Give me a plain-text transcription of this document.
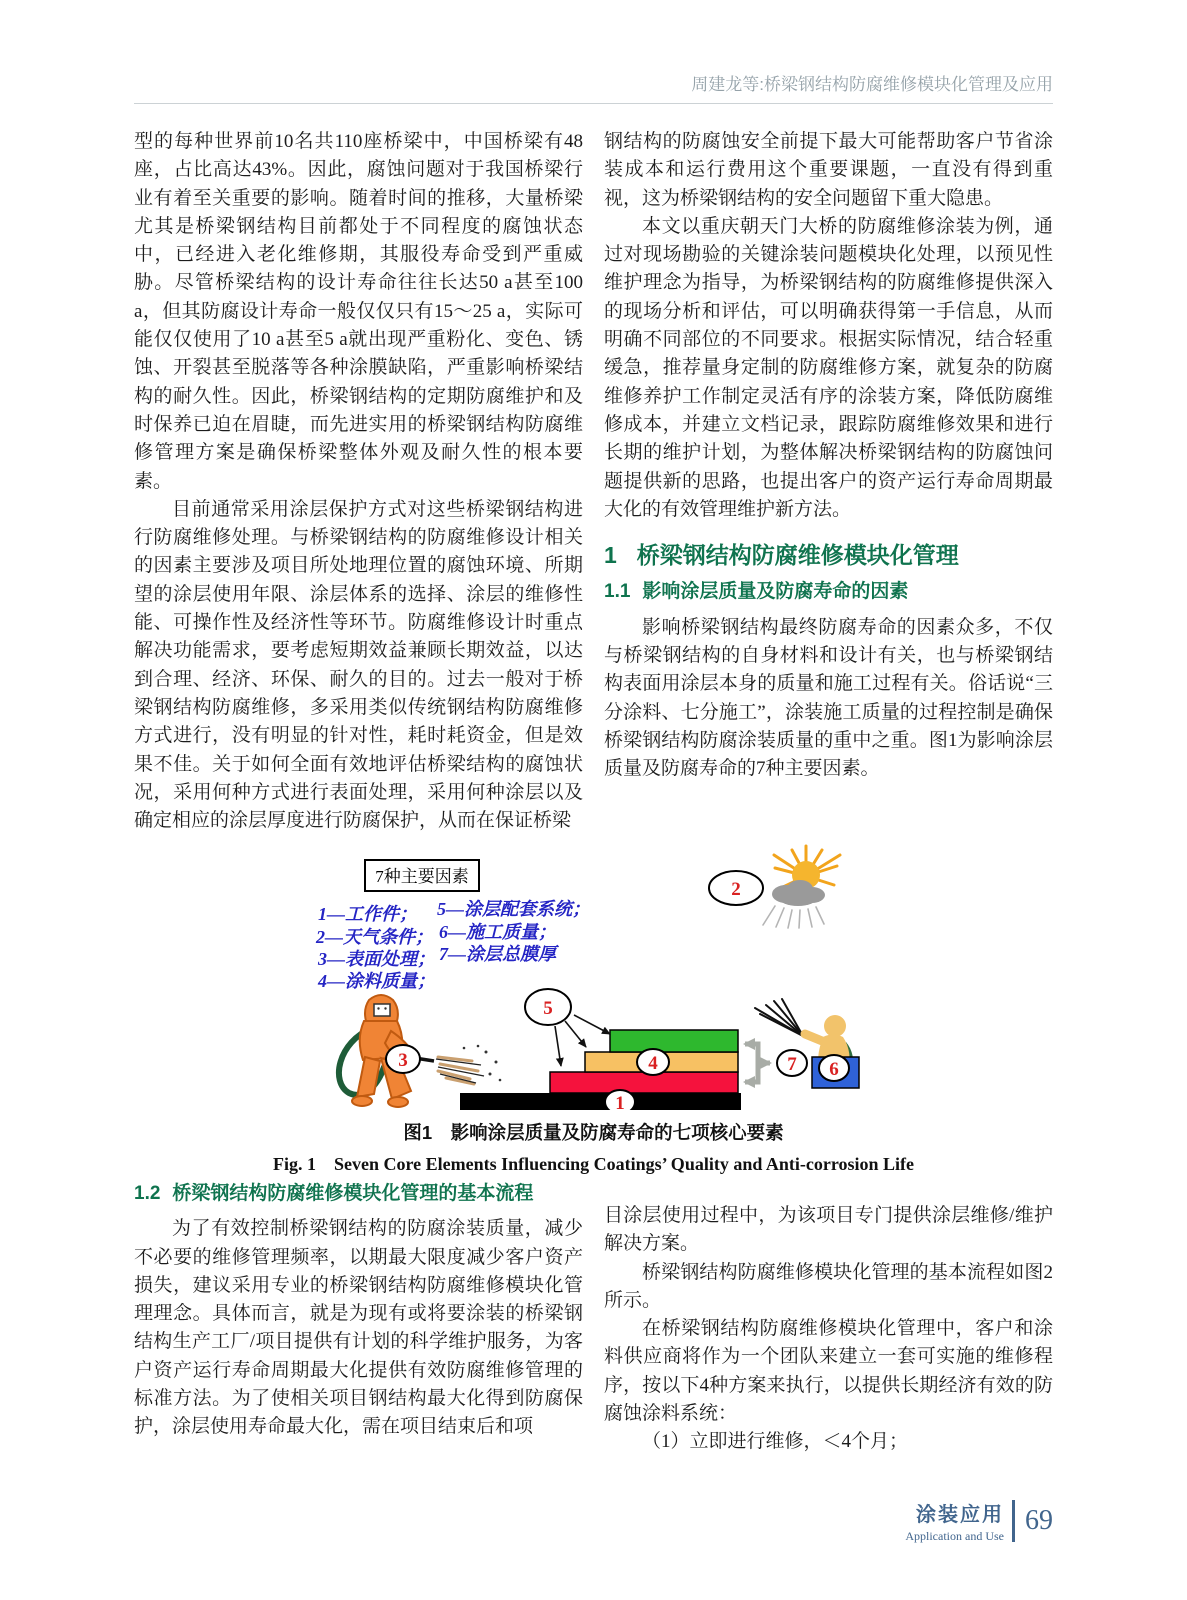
周建龙等:桥梁钢结构防腐维修模块化管理及应用

型的每种世界前10名共110座桥梁中，中国桥梁有48座，占比高达43%。因此，腐蚀问题对于我国桥梁行业有着至关重要的影响。随着时间的推移，大量桥梁尤其是桥梁钢结构目前都处于不同程度的腐蚀状态中，已经进入老化维修期，其服役寿命受到严重威胁。尽管桥梁结构的设计寿命往往长达50 a甚至100 a，但其防腐设计寿命一般仅仅只有15～25 a，实际可能仅仅使用了10 a甚至5 a就出现严重粉化、变色、锈蚀、开裂甚至脱落等各种涂膜缺陷，严重影响桥梁结构的耐久性。因此，桥梁钢结构的定期防腐维护和及时保养已迫在眉睫，而先进实用的桥梁钢结构防腐维修管理方案是确保桥梁整体外观及耐久性的根本要素。

目前通常采用涂层保护方式对这些桥梁钢结构进行防腐维修处理。与桥梁钢结构的防腐维修设计相关的因素主要涉及项目所处地理位置的腐蚀环境、所期望的涂层使用年限、涂层体系的选择、涂层的维修性能、可操作性及经济性等环节。防腐维修设计时重点解决功能需求，要考虑短期效益兼顾长期效益，以达到合理、经济、环保、耐久的目的。过去一般对于桥梁钢结构防腐维修，多采用类似传统钢结构防腐维修方式进行，没有明显的针对性，耗时耗资金，但是效果不佳。关于如何全面有效地评估桥梁结构的腐蚀状况，采用何种方式进行表面处理，采用何种涂层以及确定相应的涂层厚度进行防腐保护，从而在保证桥梁

钢结构的防腐蚀安全前提下最大可能帮助客户节省涂装成本和运行费用这个重要课题，一直没有得到重视，这为桥梁钢结构的安全问题留下重大隐患。

本文以重庆朝天门大桥的防腐维修涂装为例，通过对现场勘验的关键涂装问题模块化处理，以预见性维护理念为指导，为桥梁钢结构的防腐维修提供深入的现场分析和评估，可以明确获得第一手信息，从而明确不同部位的不同要求。根据实际情况，结合轻重缓急，推荐量身定制的防腐维修方案，就复杂的防腐维修养护工作制定灵活有序的涂装方案，降低防腐维修成本，并建立文档记录，跟踪防腐维修效果和进行长期的维护计划，为整体解决桥梁钢结构的防腐蚀问题提供新的思路，也提出客户的资产运行寿命周期最大化的有效管理维护新方法。

1 桥梁钢结构防腐维修模块化管理
1.1 影响涂层质量及防腐寿命的因素

影响桥梁钢结构最终防腐寿命的因素众多，不仅与桥梁钢结构的自身材料和设计有关，也与桥梁钢结构表面用涂层本身的质量和施工过程有关。俗话说“三分涂料、七分施工”，涂装施工质量的过程控制是确保桥梁钢结构防腐涂装质量的重中之重。图1为影响涂层质量及防腐寿命的7种主要因素。

7种主要因素
1—工作件；
2—天气条件；
3—表面处理；
4—涂料质量；
5—涂层配套系统；
6—施工质量；
7—涂层总膜厚
2
3
5
4
1
7 6
图1　影响涂层质量及防腐寿命的七项核心要素
Fig. 1　Seven Core Elements Influencing Coatings’ Quality and Anti-corrosion Life
1.2 桥梁钢结构防腐维修模块化管理的基本流程

为了有效控制桥梁钢结构的防腐涂装质量，减少不必要的维修管理频率，以期最大限度减少客户资产损失，建议采用专业的桥梁钢结构防腐维修模块化管理理念。具体而言，就是为现有或将要涂装的桥梁钢结构生产工厂/项目提供有计划的科学维护服务，为客户资产运行寿命周期最大化提供有效防腐维修管理的标准方法。为了使相关项目钢结构最大化得到防腐保护，涂层使用寿命最大化，需在项目结束后和项

目涂层使用过程中，为该项目专门提供涂层维修/维护解决方案。

桥梁钢结构防腐维修模块化管理的基本流程如图2所示。

在桥梁钢结构防腐维修模块化管理中，客户和涂料供应商将作为一个团队来建立一套可实施的维修程序，按以下4种方案来执行，以提供长期经济有效的防腐蚀涂料系统：

（1）立即进行维修，＜4个月；

涂装应用
Application and Use 69
